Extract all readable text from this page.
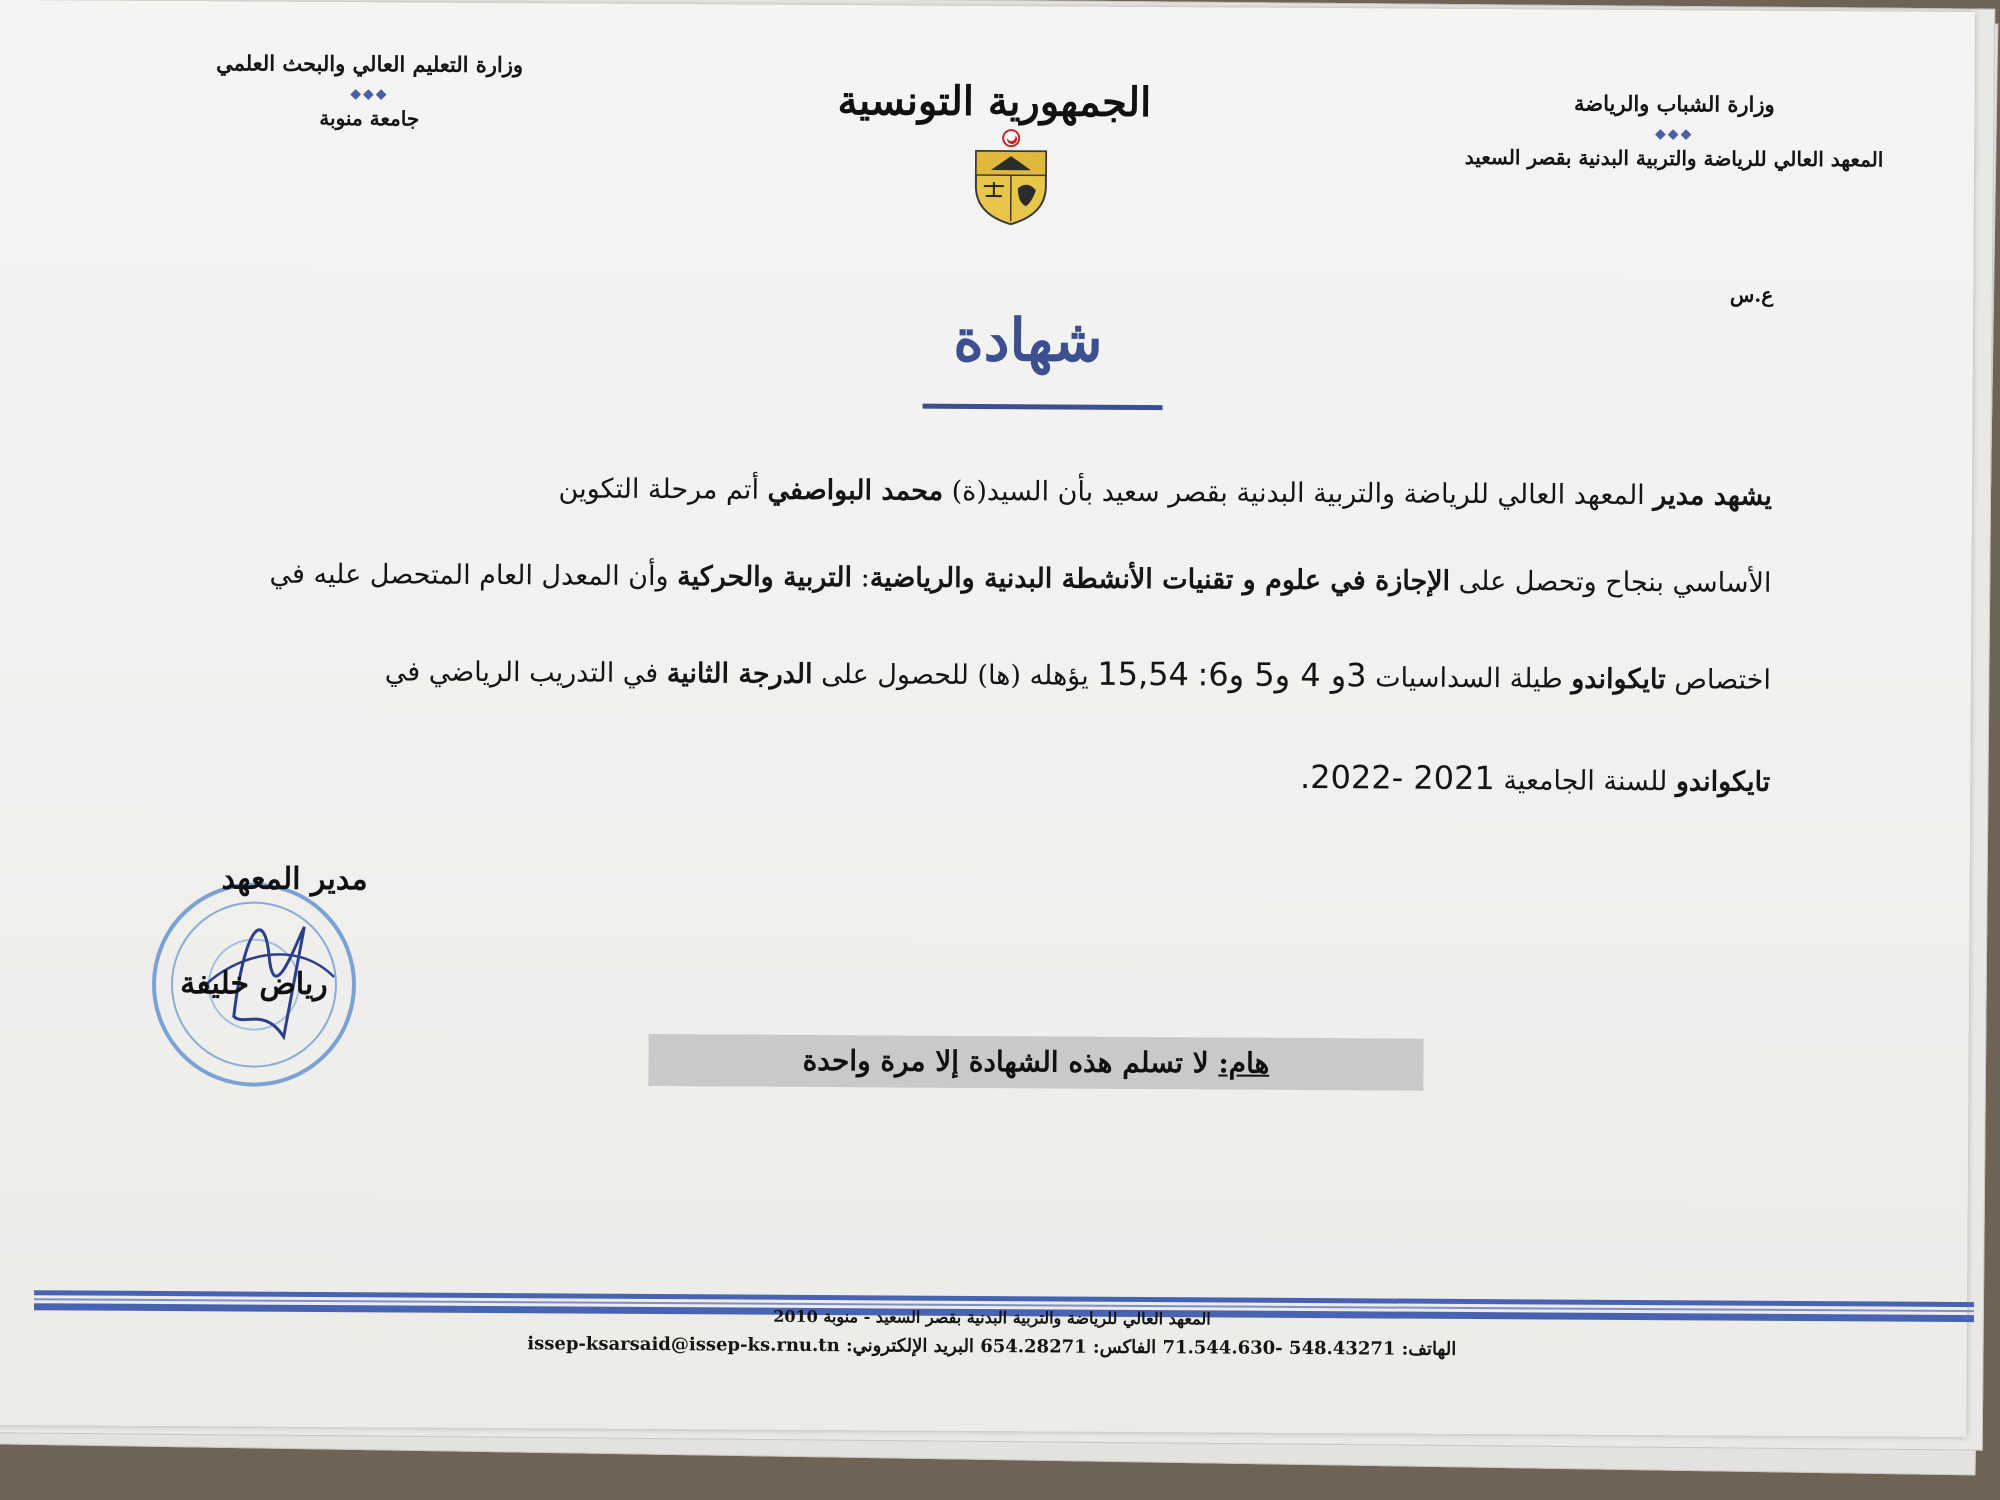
وزارة الشباب والرياضة
◆◆◆
المعهد العالي للرياضة والتربية البدنية بقصر السعيد
الجمهورية التونسية
وزارة التعليم العالي والبحث العلمي
◆◆◆
جامعة منوبة
ع.س
شهادة
يشهد مدير المعهد العالي للرياضة والتربية البدنية بقصر سعيد بأن السيد(ة) محمد البواصفي أتم مرحلة التكوين
الأساسي بنجاح وتحصل على الإجازة في علوم و تقنيات الأنشطة البدنية والرياضية: التربية والحركية وأن المعدل العام المتحصل عليه في
اختصاص تايكواندو طيلة السداسيات 3و 4 و5 و6: 15,54 يؤهله (ها) للحصول على الدرجة الثانية في التدريب الرياضي في
تايكواندو للسنة الجامعية 2021 -2022.
مدير المعهد
رياض خليفة
هام: لا تسلم هذه الشهادة إلا مرة واحدة
المعهد العالي للرياضة والتربية البدنية بقصر السعيد - منوبة 2010
الهاتف: 548.43271 -71.544.630 الفاكس: 654.28271 البريد الإلكتروني: issep-ksarsaid@issep-ks.rnu.tn
